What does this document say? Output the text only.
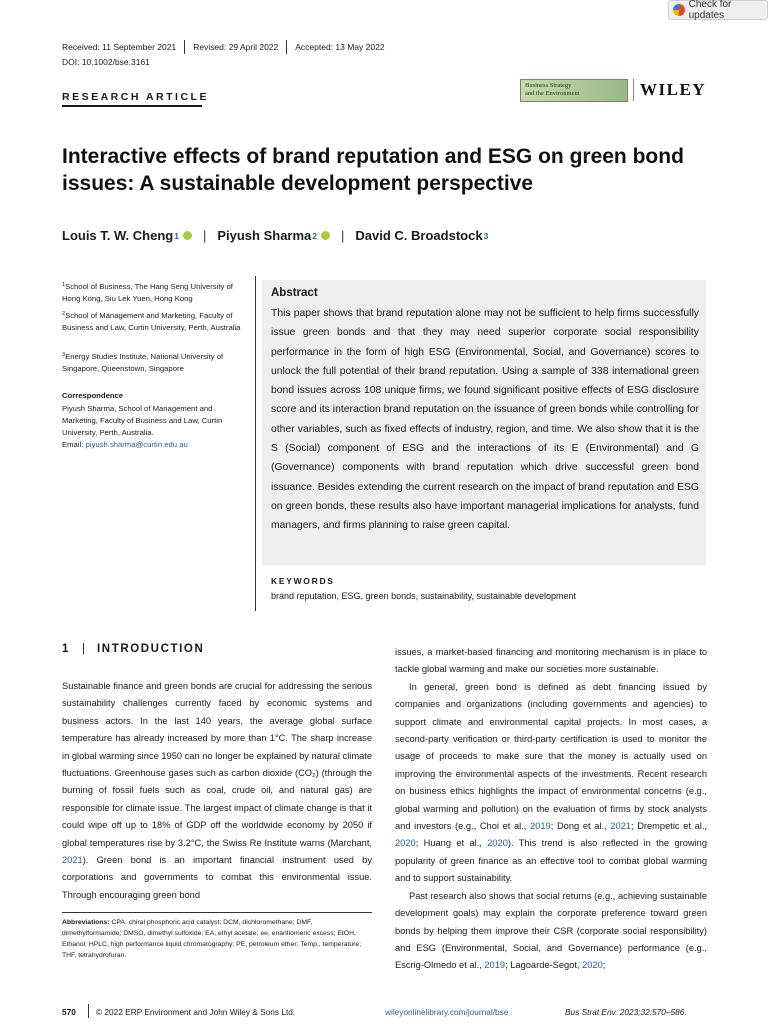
Check for updates
Received: 11 September 2021	Revised: 29 April 2022	Accepted: 13 May 2022
DOI: 10.1002/bse.3161
Business Strategy
and the Environment	WILEY
RESEARCH ARTICLE
Interactive effects of brand reputation and ESG on green bond issues: A sustainable development perspective
Louis T. W. Cheng 1 | Piyush Sharma 2 | David C. Broadstock 3
$^1$School of Business, The Hang Seng University of Hong Kong, Siu Lek Yuen, Hong Kong
$^2$School of Management and Marketing, Faculty of Business and Law, Curtin University, Perth, Australia
$^3$Energy Studies Institute, National University of Singapore, Queenstown, Singapore
Correspondence
Piyush Sharma, School of Management and Marketing, Faculty of Business and Law, Curtin University, Perth, Australia.
Email: piyush.sharma@curtin.edu.au
Abstract
This paper shows that brand reputation alone may not be sufficient to help firms successfully issue green bonds and that they may need superior corporate social responsibility performance in the form of high ESG (Environmental, Social, and Governance) scores to unlock the full potential of their brand reputation. Using a sample of 338 international green bond issues across 108 unique firms, we found significant positive effects of ESG disclosure score and its interaction brand reputation on the issuance of green bonds while controlling for other variables, such as fixed effects of industry, region, and time. We also show that it is the S (Social) component of ESG and the interactions of its E (Environmental) and G (Governance) components with brand reputation which drive successful green bond issuance. Besides extending the current research on the impact of brand reputation and ESG on green bonds, these results also have important managerial implications for analysts, fund managers, and firms planning to raise green capital.
KEYWORDS
brand reputation, ESG, green bonds, sustainability, sustainable development
1 | INTRODUCTION

Sustainable finance and green bonds are crucial for addressing the serious sustainability challenges currently faced by economic systems and business actors. In the last 140 years, the average global surface temperature has already increased by more than 1°C. The sharp increase in global warming since 1950 can no longer be explained by natural climate fluctuations. Greenhouse gases such as carbon dioxide (CO₂) (through the burning of fossil fuels such as coal, crude oil, and natural gas) are responsible for climate issue. The largest impact of climate change is that it could wipe off up to 18% of GDP off the worldwide economy by 2050 if global temperatures rise by 3.2°C, the Swiss Re Institute warns (Marchant, 2021). Green bond is an important financial instrument used by corporations and governments to combat this environmental issue. Through encouraging green bond

Abbreviations: CPA, chiral phosphoric acid catalyst; DCM, dichloromethane; DMF, dimethylformamide; DMSO, dimethyl sulfoxide; EA, ethyl acetate; ee, enantiomeric excess; EtOH, Ethanol; HPLC, high performance liquid chromatography; PE, petroleum ether; Temp., temperature; THF, tetrahydrofuran.

issues, a market-based financing and monitoring mechanism is in place to tackle global warming and make our societies more sustainable.

In general, green bond is defined as debt financing issued by companies and organizations (including governments and agencies) to support climate and environmental capital projects. In most cases, a second-party verification or third-party certification is used to monitor the usage of proceeds to make sure that the money is actually used on improving the environmental aspects of the investments. Recent research on business ethics highlights the impact of environmental concerns (e.g., global warming and pollution) on the evaluation of firms by stock analysts and investors (e.g., Choi et al., 2019; Dong et al., 2021; Drempetic et al., 2020; Huang et al., 2020). This trend is also reflected in the growing popularity of green finance as an effective tool to combat global warming and to support sustainability.

Past research also shows that social returns (e.g., achieving sustainable development goals) may explain the corporate preference toward green bonds by helping them improve their CSR (corporate social responsibility) and ESG (Environmental, Social, and Governance) performance (e.g., Escrig-Olmedo et al., 2019; Lagoarde-Segot, 2020;

570 © 2022 ERP Environment and John Wiley & Sons Ltd.	wileyonlinelibrary.com/journal/bse	Bus Strat Env. 2023;32:570–586.
